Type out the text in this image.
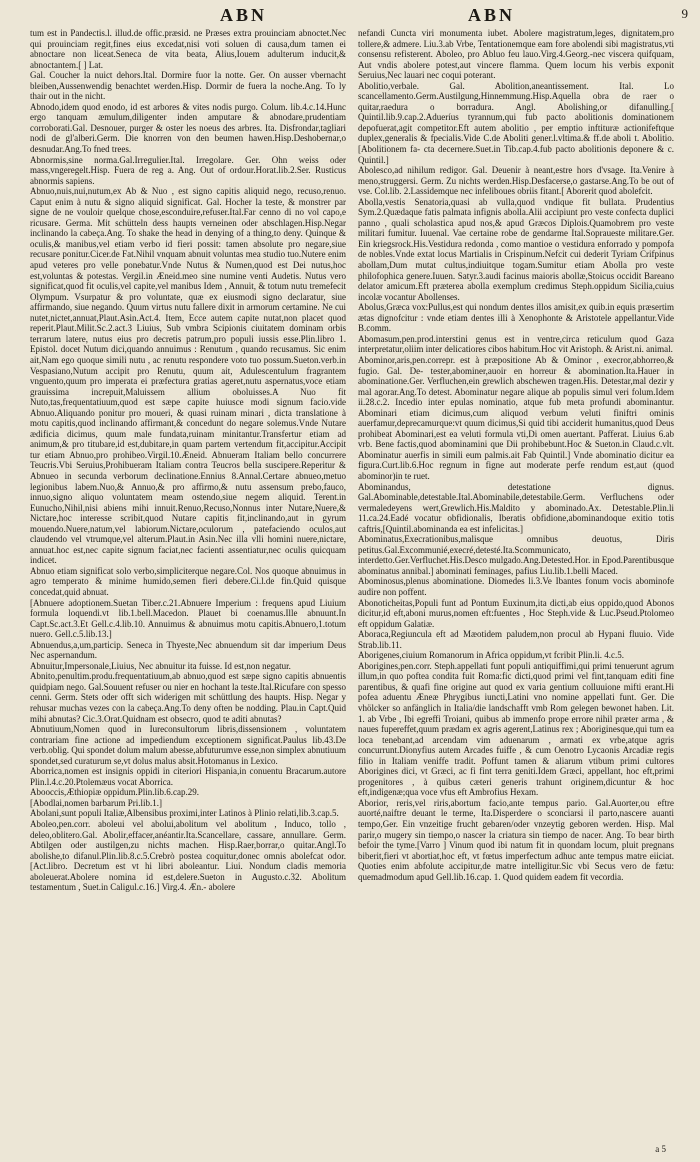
ABN	ABN	9

tum est in Pandectis.l. illud.de offic.præsid. ne Præses extra prouinciam abnoctet.Nec qui prouinciam regit,fines eius excedat,nisi voti soluen di causa,dum tamen ei abnoctare non liceat.Seneca de vita beata, Alius,Iouem adulterum inducit,& abnoctantem.[ ] Lat.

Gal. Coucher la nuict dehors.Ital. Dormire fuor la notte. Ger. On ausser vbernacht bleiben,Aussenwendig benachtet werden.Hisp. Dormir de fuera la noche.Ang. To ly thair out in the nicht.

Abnodo,idem quod enodo, id est arbores & vites nodis purgo. Colum. lib.4.c.14.Hunc ergo tanquam æmulum,diligenter inden amputare & abnodare,prudentiam corroborati.Gal. Desnouer, purger & oster les noeus des arbres. Ita. Disfrondar,tagliari nodi de gl'alberi.Germ. Die knorren von den beumen hawen.Hisp.Deshobernar,o desnudar.Ang.To fned trees.

Abnormis,sine norma.Gal.Irregulier.Ital. Irregolare. Ger. Ohn weiss oder mass,vngeregelt.Hisp. Fuera de reg a. Ang. Out of ordour.Horat.lib.2.Ser. Rusticus abnormis sapiens.

Abnuo,nuis,nui,nutum,ex Ab & Nuo , est signo capitis aliquid nego, recuso,renuo. Caput enim à nutu & signo aliquid significat. Gal. Hocher la teste, & monstrer par signe de ne vouloir quelque chose,esconduire,refuser.Ital.Far cenno di no vol capo,e ricusare. Germa. Mit schütteln dess haupts verneinen oder abschlagen.Hisp.Negar inclinando la cabeça.Ang. To shake the head in denying of a thing,to deny. Quinque & oculis,& manibus,vel etiam verbo id fieri possit: tamen absolute pro negare,siue recusare ponitur.Cicer.de Fat.Nihil vnquam abnuit voluntas mea studio tuo.Nutere enim apud veteres pro velle ponebatur.Vnde Nutus & Numen,quod est Dei nutus,hoc est,voluntas & potestas. Vergil.in Æneid.meo sine numine venti Audetis. Nutus vero significat,quod fit oculis,vel capite,vel manibus Idem , Annuit, & totum nutu tremefecit Olympum. Vsurpatur & pro voluntate, quæ ex eiusmodi signo declaratur, siue affirmando, siue negando. Quum virtus nutu fallere dixit in armorum certamine. Ne cui nutet,nictet,annuat,Plaut.Asin.Act.4. Item, Ecce autem capite nutat,non placet quod reperit.Plaut.Milit.Sc.2.act.3 Liuius, Sub vmbra Scipionis ciuitatem dominam orbis terrarum latere, nutus eius pro decretis patrum,pro populi iussis esse.Plin.libro 1. Epistol. docet Nutum dici,quando annuimus : Renutum , quando recusamus. Sic enim ait,Nam ego quoque simili nutu , ac renutu respondere voto tuo possum.Sueton.verb.in Vespasiano,Nutum accipit pro Renutu, quum ait, Adulescentulum fragrantem vnguento,quum pro imperata ei præfectura gratias ageret,nutu aspernatus,voce etiam grauissima increpuit,Maluissem allium oboluisses.A Nuo fit Nuto,tas,frequentatiuum,quod est sæpe capite huiusce modi signum facio.vide Abnuo.Aliquando ponitur pro moueri, & quasi ruinam minari , dicta translatione à motu capitis,quod inclinando affirmant,& concedunt do negare solemus.Vnde Nutare ædificia dicimus, quum male fundata,ruinam minitantur.Transfertur etiam ad animum,& pro titubare,id est,dubitare,in quam partem vertendum fit,accipitur.Accipit tur etiam Abnuo,pro prohibeo.Virgil.10.Æneid. Abnueram Italiam bello concurrere Teucris.Vbi Seruius,Prohibueram Italiam contra Teucros bella suscipere.Reperitur & Abnueo in secunda verborum declinatione.Ennius 8.Annal.Certare abnueo,metuo legionibus labem.Nuo,& Annuo,& pro affirmo,& nutu assensum prebo,fauco, innuo,signo aliquo voluntatem meam ostendo,siue negem aliquid. Terent.in Eunucho,Nihil,nisi abiens mihi innuit.Renuo,Recuso,Nonnus inter Nutare,Nuere,& Nictare,hoc interesse scribit,quod Nutare capitis fit,inclinando,aut in gyrum mouendo.Nuere,natum,vel labiorum.Nictare,oculorum , patefaciendo oculos,aut claudendo vel vtrumque,vel alterum.Plaut.in Asin.Nec illa vlli homini nuere,nictare, annuat.hoc est,nec capite signum faciat,nec facienti assentiatur,nec oculis quicquam indicet.

Abnuo etiam significat solo verbo,simpliciterque negare.Col. Nos quoque abnuimus in agro temperato & minime humido,semen fieri debere.Ci.l.de fin.Quid quisque concedat,quid abnuat.

[Abnuere adoptionem.Suetan Tiber.c.21.Abnuere Imperium : frequens apud Liuium formula loquendi.vt lib.1.bell.Macedon. Plauet bi coenamus.Ille abnuunt.In Capt.Sc.act.3.Et Gell.c.4.lib.10. Annuimus & abnuimus motu capitis.Abnuero,1.totum nuero. Gell.c.5.lib.13.]

Abnuendus,a,um,particip. Seneca in Thyeste,Nec abnuendum sit dar imperium Deus Nec aspernandum.

Abnuitur,Impersonale,Liuius, Nec abnuitur ita fuisse. Id est,non negatur.

Abnito,penultim.produ.frequentatiuum,ab abnuo,quod est sæpe signo capitis abnuentis quidpiam nego. Gal.Souuent refuser ou nier en hochant la teste.Ital.Ricufare con spesso cenni. Germ. Stets oder offt sich widerigen mit schüttlung des haupts. Hisp. Negar y rehusar muchas vezes con la cabeça.Ang.To deny often be nodding. Plau.in Capt.Quid mihi abnutas? Cic.3.Orat.Quidnam est obsecro, quod te aditi abnutas?

Abnutiuum,Nomen quod in Iureconsultorum libris,dissensionem , voluntatem contrariam fine actione ad impediendum exceptionem significat.Paulus lib.43.De verb.oblig. Qui spondet dolum malum abesse,abfuturumve esse,non simplex abnutiuum spondet,sed curaturum se,vt dolus malus absit.Hotomanus in Lexico.

Aborrica,nomen est insignis oppidi in citeriori Hispania,in conuentu Bracarum.autore Plin.l.4.c.20.Ptolemæus vocat Aborrica.

Abooccis,Æthiopiæ oppidum.Plin.lib.6.cap.29.

[Abodlai,nomen barbarum Pri.lib.1.]

Abolani,sunt populi Italiæ,Albensibus proximi,inter Latinos à Plinio relati,lib.3.cap.5.

Aboleo,pen.corr. aboleui vel abolui,abolitum vel abolitum , Induco, tollo , deleo,oblitero.Gal. Abolir,effacer,anéantir.Ita.Scancellare, cassare, annullare. Germ. Abtilgen oder austilgen,zu nichts machen. Hisp.Raer,borrar,o quitar.Angl.To abolishe,to difanul.Plin.lib.8.c.5.Crebrò postea coquitur,donec omnis abolefcat odor. [Act.libro. Decretum est vt hi libri aboleantur. Liui. Nondum cladis memoria aboleuerat.Abolere nomina id est,delere.Sueton in Augusto.c.32. Abolitum testamentum , Suet.in Caligul.c.16.] Virg.4. Æn.- abolere

nefandi Cuncta viri monumenta iubet. Abolere magistratum,leges, dignitatem,pro tollere,& admere. Liu.3.ab Vrbe, Tentationemque eam fore abolendi sibi magistratus,vti consensu refisterent. Aboleo, pro Abluo feu lauo.Virg.4.Georg.-nec viscera quifquam, Aut vndis abolere potest,aut vincere flamma. Quem locum his verbis exponit Seruius,Nec lauari nec coqui poterant.

Abolitio,verbale. Gal. Abolition,aneantissement. Ital. Lo scancellamento.Germ.Austilgung,Hinnemmung.Hisp.Aquella obra de raer o quitar,raedura o borradura. Angl. Abolishing,or difanulling.[ Quintil.lib.9.cap.2.Adueríus tyrannum,qui fub pacto abolitionis dominationem depofuerat,agit competitor.Eft autem abolitio , per emptio inftituræ actionifeftque duplex,generalis & fpecialis.Vide C.de Aboliti gener.l.vltima.& ff.de aboli t. Abolitio.[Abolitionem fa- cta decernere.Suet.in Tib.cap.4.fub pacto abolitionis deponere & c. Quintil.]

Abolesco,ad nihilum redigor. Gal. Deuenir à neant,estre hors d'vsage. Ita.Venire à meno,struggersi. Germ. Zu nichts werden.Hisp.Desfacerse,o gastarse.Ang.To be out of vse. Col.lib. 2.Lassidemque nec infeliboues obriis fitant.[ Aborerit quod abolefcit.

Abolla,vestis Senatoria,quasi ab vulla,quod vndique fit bullata. Prudentius Sym.2.Quædaque fatis palmata infignis abolla.Alii accipiunt pro veste confecta duplici panno , quali scholastica apud nos,& apud Græcos Diplois.Quamobrem pro veste militari fumitur. Iuuenal. Vae certaine robe de gendarme Ital.Sopraueste militare.Ger. Ein kriegsrock.His.Vestidura redonda , como mantioe o vestidura enforrado y pompofa de nobles.Vnde extat locus Martialis in Crispinum.Nefcit cui dederit Tyriam Crifpinus abollam,Dum mutat cultus,indiuitque togam.Sumitur etiam Abolla pro veste philofophica genere.Iuuen. Satyr.3.audi facinus maioris abollæ,Stoicus occidit Bareano delator amicum.Eft præterea abolla exemplum credimus Steph.oppidum Sicilia,cuius incolæ vocantur Abollenses.

Abolus,Græca vox:Pullus,est qui nondum dentes illos amisit,ex quib.in equis præsertim ætas dignofcitur : vnde etiam dentes illi à Xenophonte & Aristotele appellantur.Vide B.comm.

Abomasum,pen.prod.interstini genus est in ventre,circa reticulum quod Gaza interpretatur,oliim inter delicatiores cibos habitum.Hoc vit Aristoph. & Arist.ni. animal.

Abominor,aris,pen.correpr. est à præpositione Ab & Ominor , execror,abhorreo,& fugio. Gal. De- tester,abominer,auoir en horreur & abomination.Ita.Hauer in abominatione.Ger. Verfluchen,ein grewlich abschewen tragen.His. Detestar,mal dezir y mal agorar.Ang.To detest. Abominatur negare alique ab populis simul veri folum.Idem ii.28.c.2. Incedio inter epulas nominatio, atque fub meta profundi abominantur. Abominari etiam dicimus,cum aliquod verbum veluti finiftri ominis auerfamur,deprecamurque:vt quum dicimus,Si quid tibi acciderit humanitus,quod Deus prohibeat Abominari,est ea veluti formula vti,Di omen auertant. Pafferat. Liuius 6.ab vrb. Bene factis,quod abominamini que Dii prohibebunt.Hoc & Sueton.in Claud.c.vlt. Abominatur auerfis in simili eum palmis.ait Fab Quintil.] Vnde abominatio dicitur ea figura.Curt.lib.6.Hoc regnum in figne aut moderate perfe rendum est,aut (quod abominor)in te ruet.

Abominandus, detestatione dignus. Gal.Abominable,detestable.Ital.Abominabile,detestabile.Germ. Verfluchens oder vermaledeyens wert,Grewlich.His.Maldito y abominado.Ax. Detestable.Plin.li 11.ca.24.Eadé vocatur obfidionalis, Iberatis obfidione,abominandoque exitio totis caftris,[Quintil.abominanda ea est infelicitas.]

Abominatus,Execrationibus,malisque omnibus deuotus, Diris petitus.Gal.Excommunié,execré,detesté.Ita.Scommunicato, interdetto.Ger.Verfluchet.His.Desco mulgado.Ang.Detested.Hor. in Epod.Parentibusque abominatus annibal.] abominati feminages, pafius Liu.lib.1.belli Maced.

Abominosus,plenus abominatione. Diomedes li.3.Ve Ibantes fonum vocis abominofe audire non poffent.

Abonoticheitas,Populi funt ad Pontum Euxinum,ita dicti,ab eius oppido,quod Abonos dicitur,id eft,aboni murus,nomen eft:fuentes , Hoc Steph.vide & Luc.Pseud.Ptolomeo eft oppidum Galatiæ.

Aboraca,Regiuncula eft ad Mæotidem paludem,non procul ab Hypani fluuio. Vide Strab.lib.11.

Aborigenes,ciuium Romanorum in Africa oppidum,vt fcribit Plin.li. 4.c.5.

Aborigines,pen.corr. Steph.appellati funt populi antiquiffimi,qui primi tenuerunt agrum illum,in quo poftea condita fuit Roma:fic dicti,quod primi vel fint,tanquam editi fine parentibus, & quafi fine origine aut quod ex varia gentium colluuione mifti erant.Hi pofea aduentu Æneæ Phrygibus iuncti,Latini vno nomine appellati funt. Ger. Die vhölcker so anfänglich in Italia/die landschafft vmb Rom gelegen bewonet haben. Lit. 1. ab Vrbe , Ibi egreffi Troiani, quibus ab immenfo prope errore nihil præter arma , & naues fupereffet,quum prædam ex agris agerent,Latinus rex ; Aboriginesque,qui tum ea loca tenebant,ad arcendam vim aduenarum , armati ex vrbe,atque agris concurrunt.Dionyfius autem Arcades fuiffe , & cum Oenotro Lycaonis Arcadiæ regis filio in Italiam veniffe tradit. Poffunt tamen & aliarum vtibum primi cultores Aborigines dici, vt Græci, ac fi fint terra geniti.Idem Græci, appellant, hoc eft,primi progenitores , à quibus cæteri generis trahunt originem,dicuntur & hoc eft,indigenæ;qua voce vfus eft Ambrofius Hexam.

Aborior, reris,vel riris,abortum facio,ante tempus pario. Gal.Auorter,ou eftre auorté,naiftre deuant le terme, Ita.Disperdere o sconciarsi il parto,nascere auanti tempo,Ger. Ein vnzeitige frucht gebaren/oder vnzeytig geboren werden. Hisp. Mal parir,o mugery sin tiempo,o nascer la criatura sin tiempo de nacer. Ang. To bear birth befoir the tyme.[Varro ] Vinum quod ibi natum fit in quondam locum, pluit pregnans biberit,fieri vt abortiat,hoc eft, vt fœtus imperfectum adhuc ante tempus matre eiiciat. Quoties enim abfolute accipitur,de matre intelligitur.Sic vbi Secus vero de fætu: quemadmodum apud Gell.lib.16.cap. 1. Quod quidem eadem fit vecordia.

a 5
